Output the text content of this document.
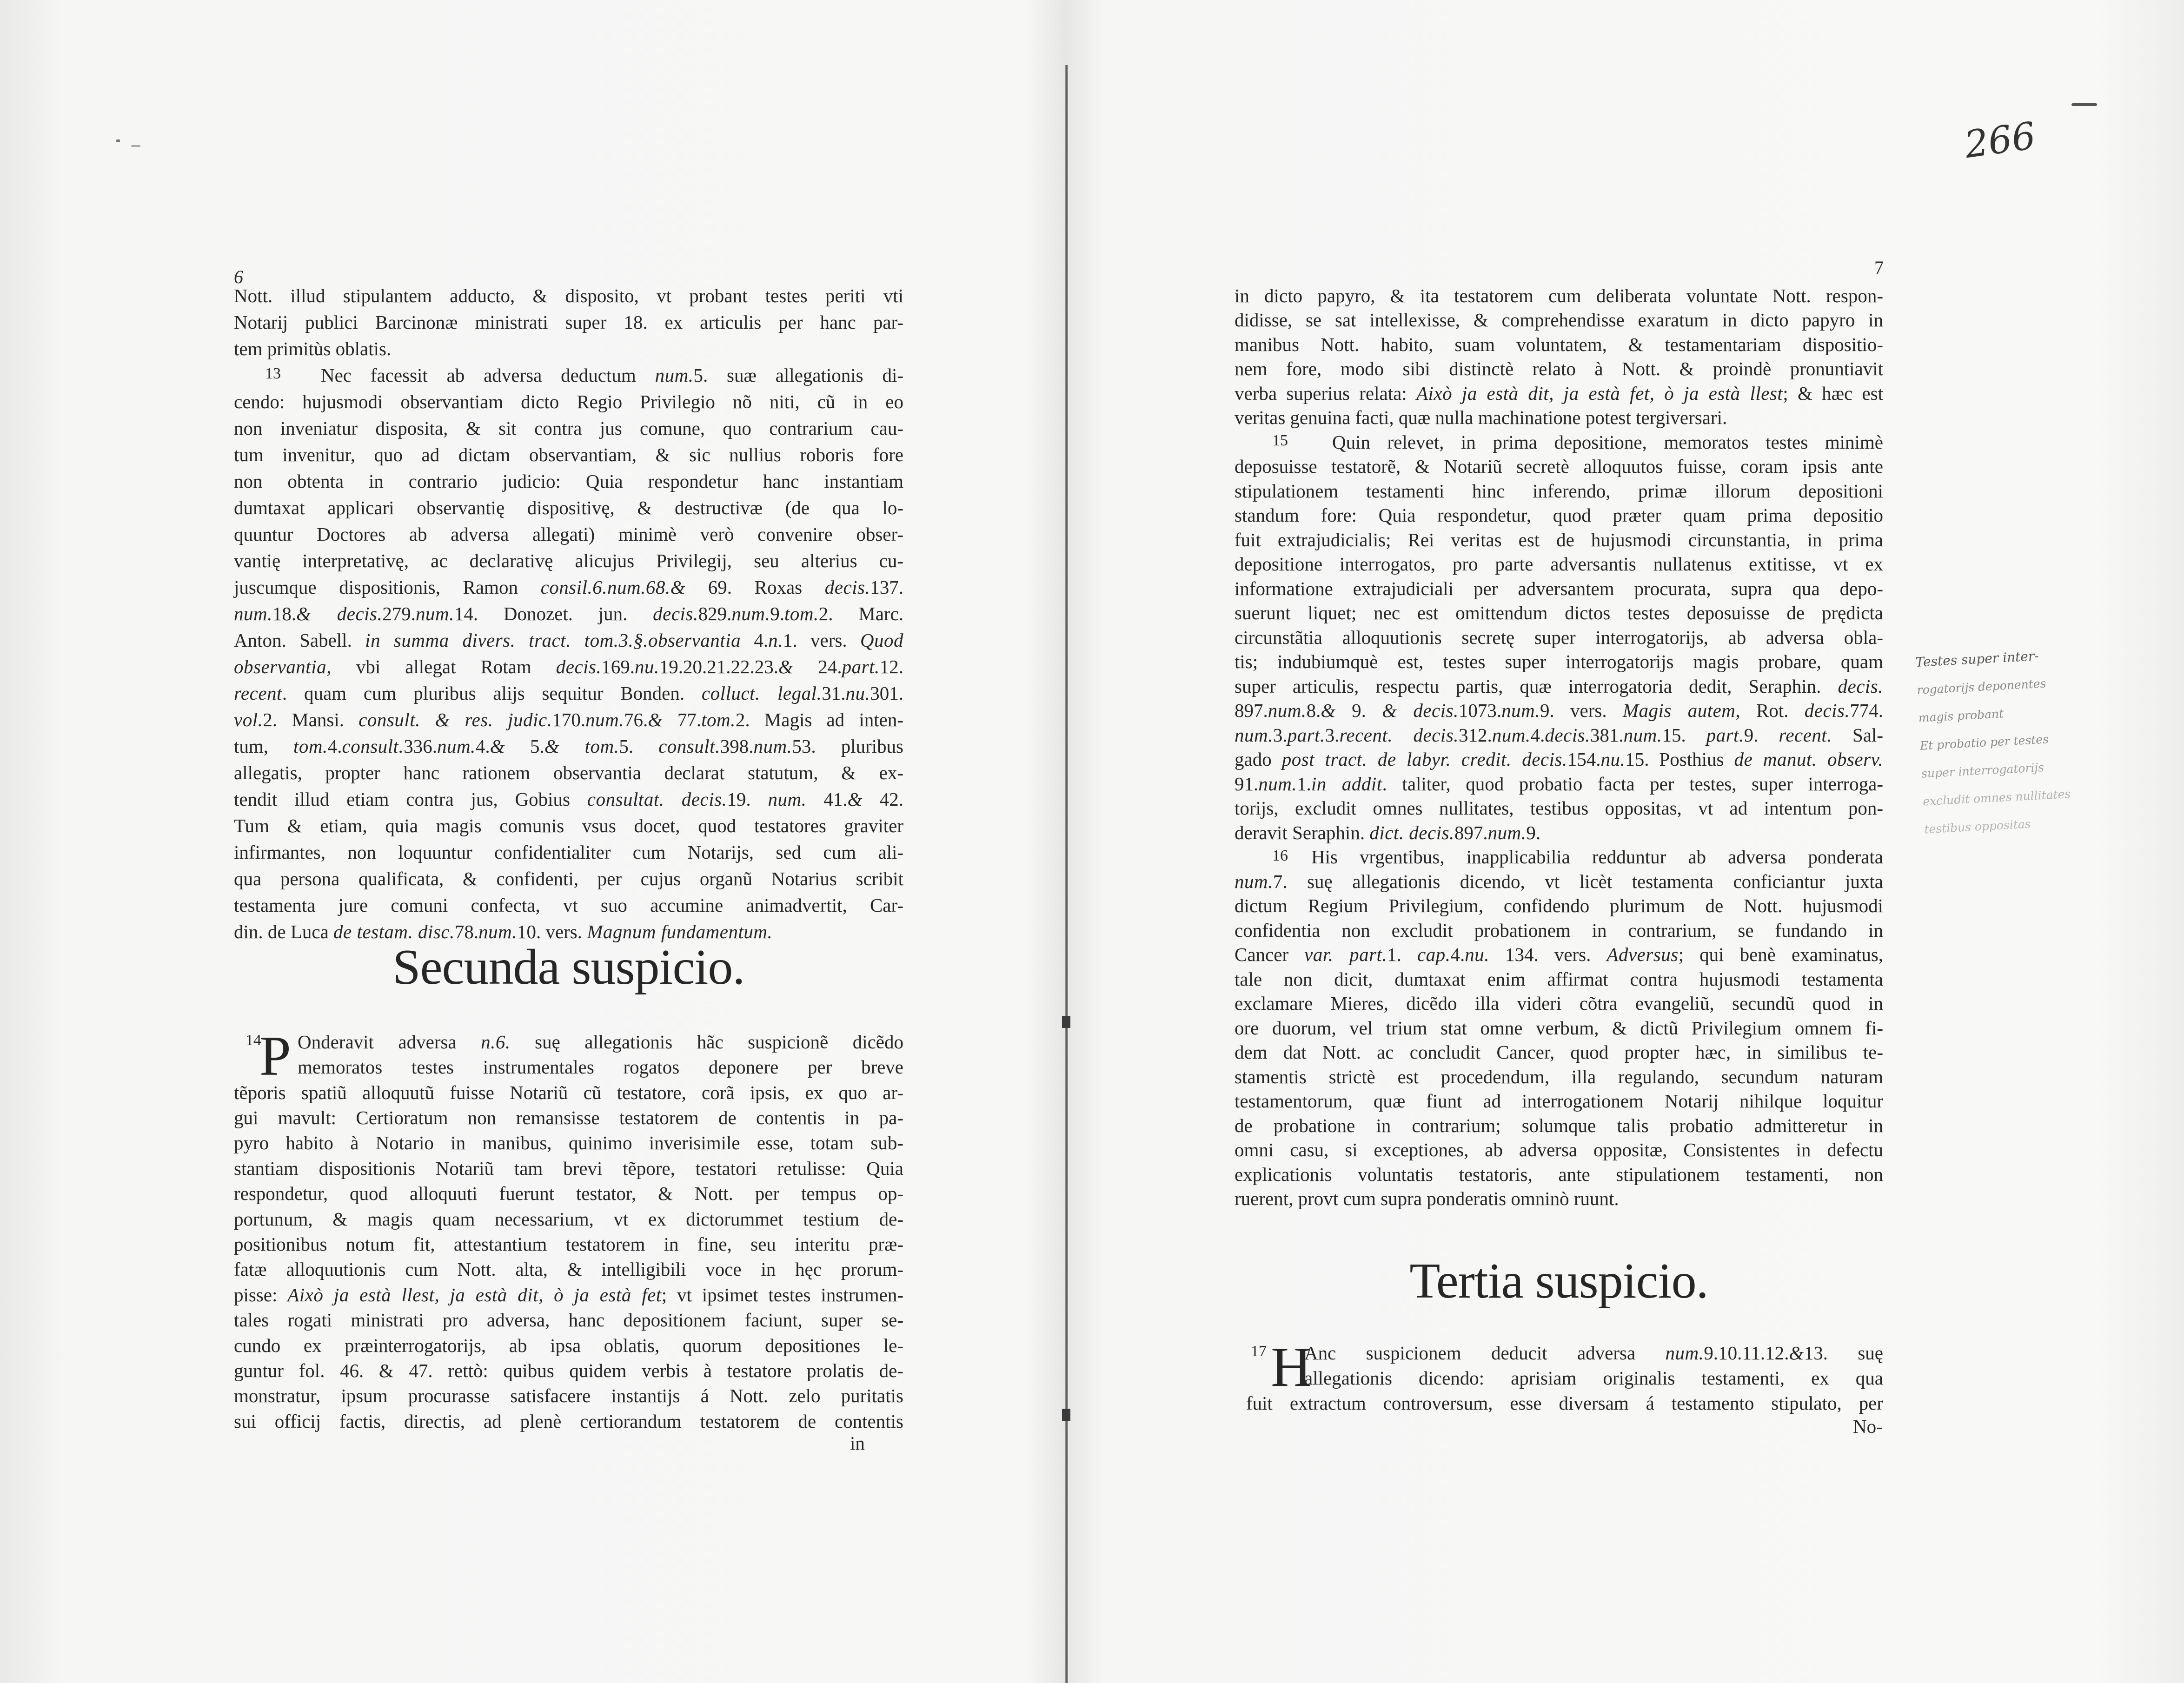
6
in
Nott. illud stipulantem adducto, & disposito, vt probant testes periti vti
Notarij publici Barcinonæ ministrati super 18. ex articulis per hanc par-
tem primitùs oblatis.
13 Nec facessit ab adversa deductum num.5. suæ allegationis di-
cendo: hujusmodi observantiam dicto Regio Privilegio nõ niti, cũ in eo
non inveniatur disposita, & sit contra jus comune, quo contrarium cau-
tum invenitur, quo ad dictam observantiam, & sic nullius roboris fore
non obtenta in contrario judicio: Quia respondetur hanc instantiam
dumtaxat applicari observantię dispositivę, & destructivæ (de qua lo-
quuntur Doctores ab adversa allegati) minimè verò convenire obser-
vantię interpretativę, ac declarativę alicujus Privilegij, seu alterius cu-
juscumque dispositionis, Ramon consil.6.num.68.& 69. Roxas decis.137.
num.18.& decis.279.num.14. Donozet. jun. decis.829.num.9.tom.2. Marc.
Anton. Sabell. in summa divers. tract. tom.3.§.observantia 4.n.1. vers. Quod
observantia, vbi allegat Rotam decis.169.nu.19.20.21.22.23.& 24.part.12.
recent. quam cum pluribus alijs sequitur Bonden. colluct. legal.31.nu.301.
vol.2. Mansi. consult. & res. judic.170.num.76.& 77.tom.2. Magis ad inten-
tum, tom.4.consult.336.num.4.& 5.& tom.5. consult.398.num.53. pluribus
allegatis, propter hanc rationem observantia declarat statutum, & ex-
tendit illud etiam contra jus, Gobius consultat. decis.19. num. 41.& 42.
Tum & etiam, quia magis comunis vsus docet, quod testatores graviter
infirmantes, non loquuntur confidentialiter cum Notarijs, sed cum ali-
qua persona qualificata, & confidenti, per cujus organũ Notarius scribit
testamenta jure comuni confecta, vt suo accumine animadvertit, Car-
din. de Luca de testam. disc.78.num.10. vers. Magnum fundamentum.
Secunda suspicio.
14
P Onderavit adversa n.6. suę allegationis hãc suspicionẽ dicẽdo
memoratos testes instrumentales rogatos deponere per breve
tẽporis spatiũ alloquutũ fuisse Notariũ cũ testatore, corã ipsis, ex quo ar-
gui mavult: Certioratum non remansisse testatorem de contentis in pa-
pyro habito à Notario in manibus, quinimo inverisimile esse, totam sub-
stantiam dispositionis Notariũ tam brevi tẽpore, testatori retulisse: Quia
respondetur, quod alloquuti fuerunt testator, & Nott. per tempus op-
portunum, & magis quam necessarium, vt ex dictorummet testium de-
positionibus notum fit, attestantium testatorem in fine, seu interitu præ-
fatæ alloquutionis cum Nott. alta, & intelligibili voce in hęc prorum-
pisse: Això ja està llest, ja està dit, ò ja està fet; vt ipsimet testes instrumen-
tales rogati ministrati pro adversa, hanc depositionem faciunt, super se-
cundo ex præinterrogatorijs, ab ipsa oblatis, quorum depositiones le-
guntur fol. 46. & 47. rettò: quibus quidem verbis à testatore prolatis de-
monstratur, ipsum procurasse satisfacere instantijs á Nott. zelo puritatis
sui officij factis, directis, ad plenè certiorandum testatorem de contentis
7
No-
in dicto papyro, & ita testatorem cum deliberata voluntate Nott. respon-
didisse, se sat intellexisse, & comprehendisse exaratum in dicto papyro in
manibus Nott. habito, suam voluntatem, & testamentariam dispositio-
nem fore, modo sibi distinctè relato à Nott. & proindè pronuntiavit
verba superius relata: Això ja està dit, ja està fet, ò ja està llest; & hæc est
veritas genuina facti, quæ nulla machinatione potest tergiversari.
15 Quin relevet, in prima depositione, memoratos testes minimè
deposuisse testatorẽ, & Notariũ secretè alloquutos fuisse, coram ipsis ante
stipulationem testamenti hinc inferendo, primæ illorum depositioni
standum fore: Quia respondetur, quod præter quam prima depositio
fuit extrajudicialis; Rei veritas est de hujusmodi circunstantia, in prima
depositione interrogatos, pro parte adversantis nullatenus extitisse, vt ex
informatione extrajudiciali per adversantem procurata, supra qua depo-
suerunt liquet; nec est omittendum dictos testes deposuisse de prędicta
circunstãtia alloquutionis secretę super interrogatorijs, ab adversa obla-
tis; indubiumquè est, testes super interrogatorijs magis probare, quam
super articulis, respectu partis, quæ interrogatoria dedit, Seraphin. decis.
897.num.8.& 9. & decis.1073.num.9. vers. Magis autem, Rot. decis.774.
num.3.part.3.recent. decis.312.num.4.decis.381.num.15. part.9. recent. Sal-
gado post tract. de labyr. credit. decis.154.nu.15. Posthius de manut. observ.
91.num.1.in addit. taliter, quod probatio facta per testes, super interroga-
torijs, excludit omnes nullitates, testibus oppositas, vt ad intentum pon-
deravit Seraphin. dict. decis.897.num.9.
16 His vrgentibus, inapplicabilia redduntur ab adversa ponderata
num.7. suę allegationis dicendo, vt licèt testamenta conficiantur juxta
dictum Regium Privilegium, confidendo plurimum de Nott. hujusmodi
confidentia non excludit probationem in contrarium, se fundando in
Cancer var. part.1. cap.4.nu. 134. vers. Adversus; qui benè examinatus,
tale non dicit, dumtaxat enim affirmat contra hujusmodi testamenta
exclamare Mieres, dicẽdo illa videri cõtra evangeliũ, secundũ quod in
ore duorum, vel trium stat omne verbum, & dictũ Privilegium omnem fi-
dem dat Nott. ac concludit Cancer, quod propter hæc, in similibus te-
stamentis strictè est procedendum, illa regulando, secundum naturam
testamentorum, quæ fiunt ad interrogationem Notarij nihilque loquitur
de probatione in contrarium; solumque talis probatio admitteretur in
omni casu, si exceptiones, ab adversa oppositæ, Consistentes in defectu
explicationis voluntatis testatoris, ante stipulationem testamenti, non
ruerent, provt cum supra ponderatis omninò ruunt.
Tertia suspicio.
17 H
Anc suspicionem deducit adversa num.9.10.11.12.&13. suę
allegationis dicendo: aprisiam originalis testamenti, ex qua
fuit extractum controversum, esse diversam á testamento stipulato, per
266
Testes super inter-
rogatorijs deponentes
magis probant
Et probatio per testes
super interrogatorijs
excludit omnes nullitates
testibus oppositas
